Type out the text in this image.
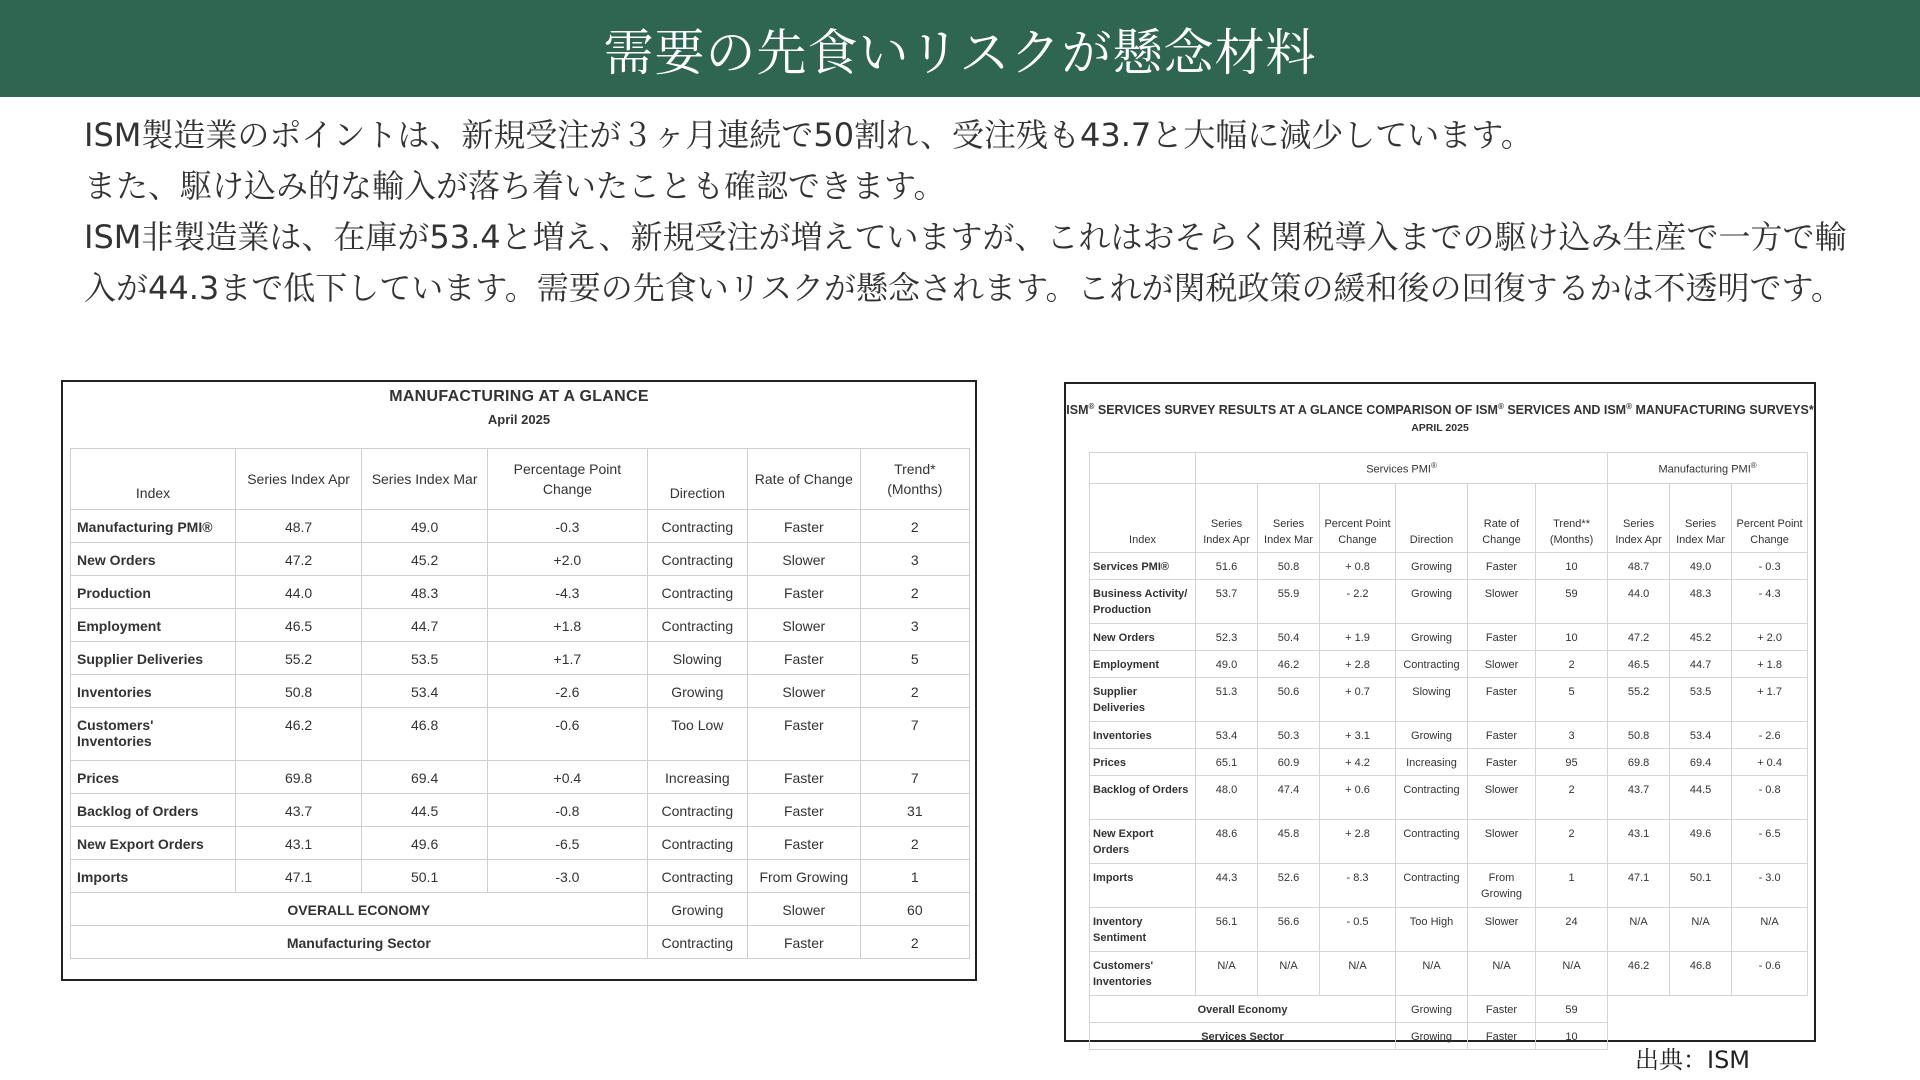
需要の先食いリスクが懸念材料

ISM製造業のポイントは、新規受注が３ヶ月連続で50割れ、受注残も43.7と大幅に減少しています。

また、駆け込み的な輸入が落ち着いたことも確認できます。

ISM非製造業は、在庫が53.4と増え、新規受注が増えていますが、これはおそらく関税導入までの駆け込み生産で一方で輸入が44.3まで低下しています。需要の先食いリスクが懸念されます。これが関税政策の緩和後の回復するかは不透明です。

MANUFACTURING AT A GLANCE
April 2025
Index	Series Index Apr	Series Index Mar	Percentage Point Change	Direction	Rate of Change	Trend* (Months)
Manufacturing PMI®	48.7	49.0	-0.3	Contracting	Faster	2
New Orders	47.2	45.2	+2.0	Contracting	Slower	3
Production	44.0	48.3	-4.3	Contracting	Faster	2
Employment	46.5	44.7	+1.8	Contracting	Slower	3
Supplier Deliveries	55.2	53.5	+1.7	Slowing	Faster	5
Inventories	50.8	53.4	-2.6	Growing	Slower	2
Customers' Inventories	46.2	46.8	-0.6	Too Low	Faster	7
Prices	69.8	69.4	+0.4	Increasing	Faster	7
Backlog of Orders	43.7	44.5	-0.8	Contracting	Faster	31
New Export Orders	43.1	49.6	-6.5	Contracting	Faster	2
Imports	47.1	50.1	-3.0	Contracting	From Growing	1
OVERALL ECONOMY				Growing	Slower	60
Manufacturing Sector				Contracting	Faster	2
ISM® SERVICES SURVEY RESULTS AT A GLANCE COMPARISON OF ISM® SERVICES AND ISM® MANUFACTURING SURVEYS*
APRIL 2025
	Services PMI®						Manufacturing PMI®
Index	Series Index Apr	Series Index Mar	Percent Point Change	Direction	Rate of Change	Trend** (Months)	Series Index Apr	Series Index Mar	Percent Point Change
Services PMI®	51.6	50.8	+ 0.8	Growing	Faster	10	48.7	49.0	- 0.3
Business Activity/ Production	53.7	55.9	- 2.2	Growing	Slower	59	44.0	48.3	- 4.3
New Orders	52.3	50.4	+ 1.9	Growing	Faster	10	47.2	45.2	+ 2.0
Employment	49.0	46.2	+ 2.8	Contracting	Slower	2	46.5	44.7	+ 1.8
Supplier Deliveries	51.3	50.6	+ 0.7	Slowing	Faster	5	55.2	53.5	+ 1.7
Inventories	53.4	50.3	+ 3.1	Growing	Faster	3	50.8	53.4	- 2.6
Prices	65.1	60.9	+ 4.2	Increasing	Faster	95	69.8	69.4	+ 0.4
Backlog of Orders	48.0	47.4	+ 0.6	Contracting	Slower	2	43.7	44.5	- 0.8
New Export Orders	48.6	45.8	+ 2.8	Contracting	Slower	2	43.1	49.6	- 6.5
Imports	44.3	52.6	- 8.3	Contracting	From Growing	1	47.1	50.1	- 3.0
Inventory Sentiment	56.1	56.6	- 0.5	Too High	Slower	24	N/A	N/A	N/A
Customers' Inventories	N/A	N/A	N/A	N/A	N/A	N/A	46.2	46.8	- 0.6
Overall Economy				Growing	Faster	59			
Services Sector				Growing	Faster	10			
出典：ISM
